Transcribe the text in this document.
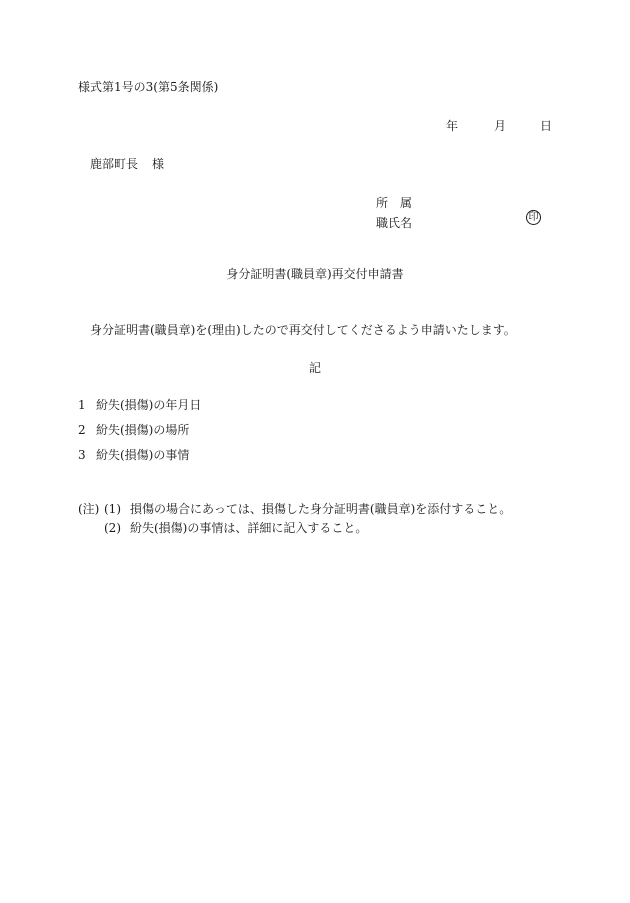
様式第1号の3(第5条関係)
年	月	日
鹿部町長 様
所　属
職氏名	印
身分証明書(職員章)再交付申請書
身分証明書(職員章)を(理由)したので再交付してくださるよう申請いたします。
記
1 紛失(損傷)の年月日
2 紛失(損傷)の場所
3 紛失(損傷)の事情
(注) (1) 損傷の場合にあっては、損傷した身分証明書(職員章)を添付すること。
(2) 紛失(損傷)の事情は、詳細に記入すること。
